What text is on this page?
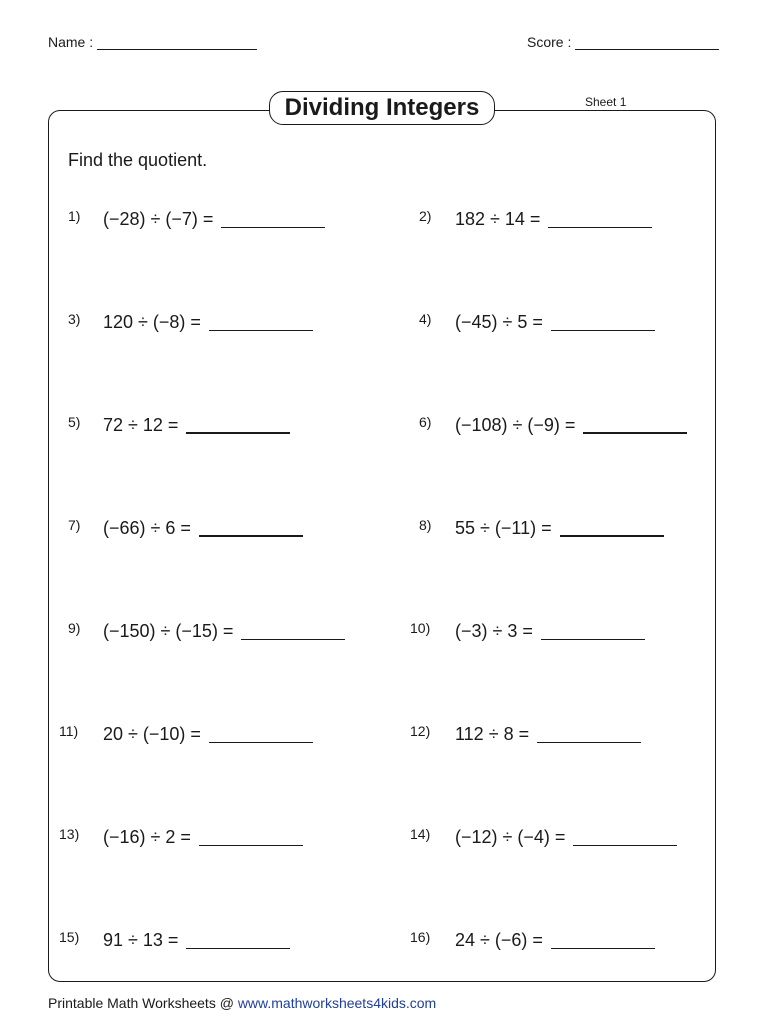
Name :	Score :
Dividing Integers	Sheet 1
Find the quotient.
1)	(−28) ÷ (−7) =	2)	182 ÷ 14 =
3)	120 ÷ (−8) =	4)	(−45) ÷ 5 =
5)	72 ÷ 12 =	6)	(−108) ÷ (−9) =
7)	(−66) ÷ 6 =	8)	55 ÷ (−11) =
9)	(−150) ÷ (−15) =	10)	(−3) ÷ 3 =
11)	20 ÷ (−10) =	12)	112 ÷ 8 =
13)	(−16) ÷ 2 =	14)	(−12) ÷ (−4) =
15)	91 ÷ 13 =	16)	24 ÷ (−6) =
Printable Math Worksheets @ www.mathworksheets4kids.com
